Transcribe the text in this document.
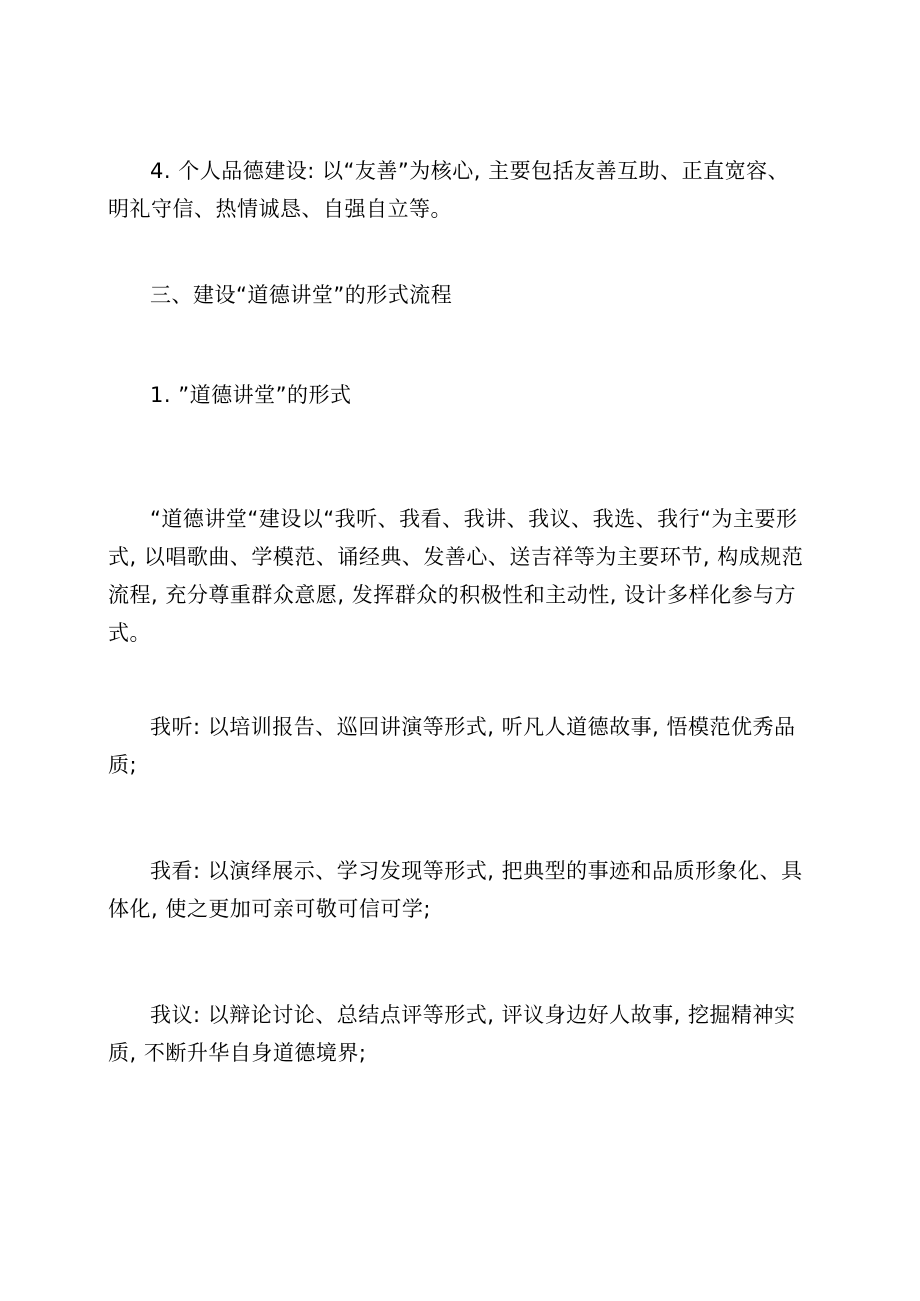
4. 个人品德建设: 以“友善”为核心, 主要包括友善互助、正直宽容、明礼守信、热情诚恳、自强自立等。

三、建设“道德讲堂”的形式流程

1. ”道德讲堂”的形式

“道德讲堂“建设以“我听、我看、我讲、我议、我选、我行“为主要形式, 以唱歌曲、学模范、诵经典、发善心、送吉祥等为主要环节, 构成规范流程, 充分尊重群众意愿, 发挥群众的积极性和主动性, 设计多样化参与方式。

我听: 以培训报告、巡回讲演等形式, 听凡人道德故事, 悟模范优秀品质;

我看: 以演绎展示、学习发现等形式, 把典型的事迹和品质形象化、具体化, 使之更加可亲可敬可信可学;

我议: 以辩论讨论、总结点评等形式, 评议身边好人故事, 挖掘精神实质, 不断升华自身道德境界;
